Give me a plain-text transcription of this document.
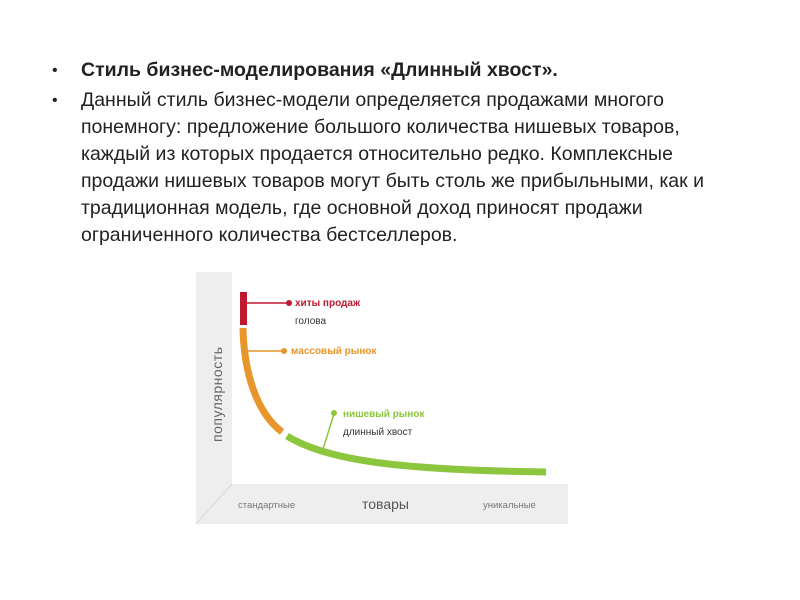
• Стиль бизнес-моделирования «Длинный хвост».
• Данный стиль бизнес-модели определяется продажами многого понемногу: предложение большого количества нишевых товаров, каждый из которых продается относительно редко. Комплексные продажи нишевых товаров могут быть столь же прибыльными, как и традиционная модель, где основной доход приносят продажи ограниченного количества бестселлеров.
популярность
товары
стандартные	уникальные
хиты продаж
голова
массовый рынок
нишевый рынок
длинный хвост
